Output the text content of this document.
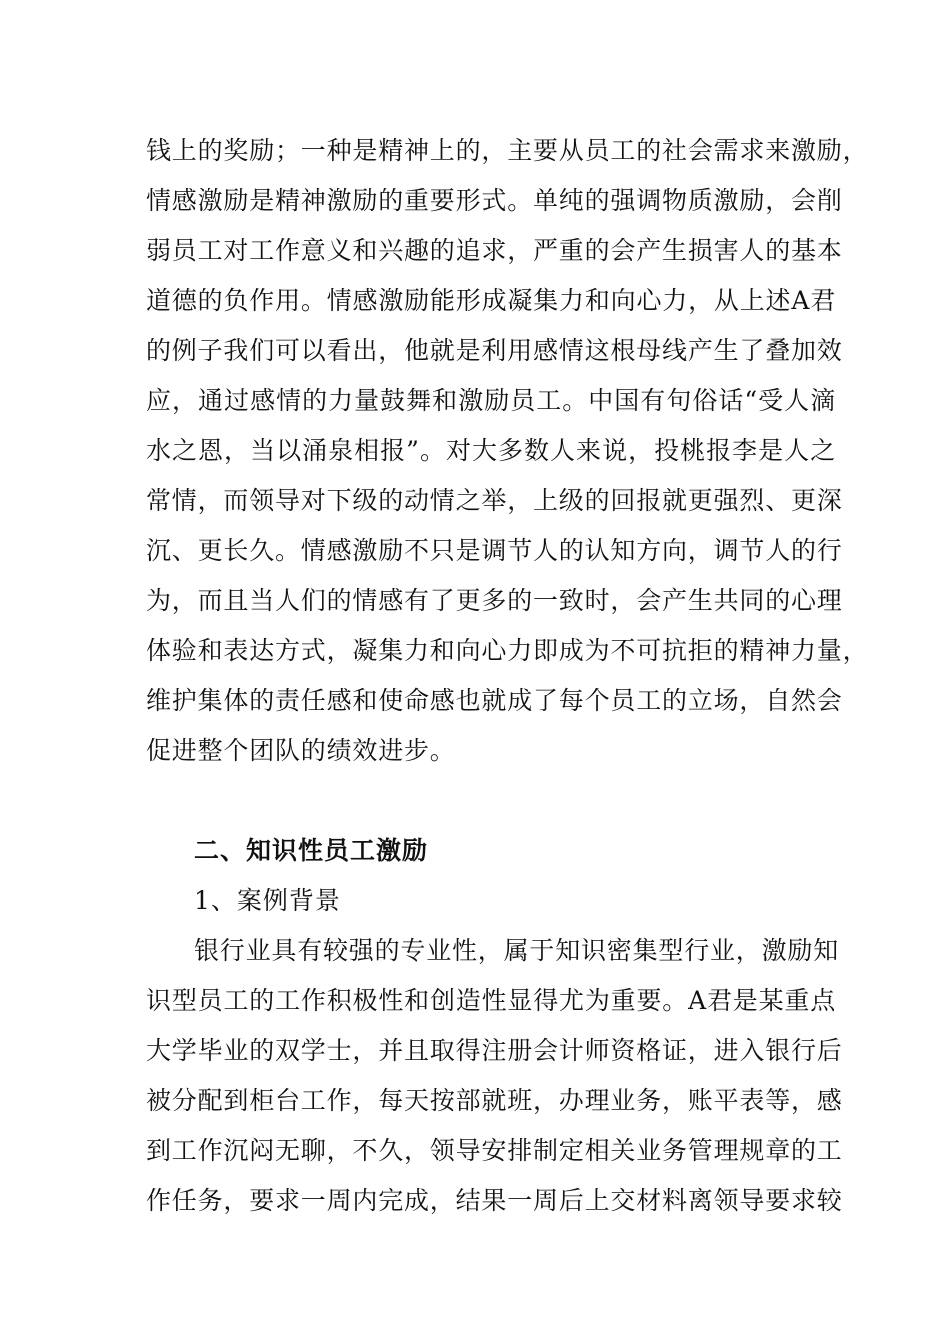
钱上的奖励；一种是精神上的，主要从员工的社会需求来激励，
情感激励是精神激励的重要形式。单纯的强调物质激励，会削
弱员工对工作意义和兴趣的追求，严重的会产生损害人的基本
道德的负作用。情感激励能形成凝集力和向心力，从上述A君
的例子我们可以看出，他就是利用感情这根母线产生了叠加效
应，通过感情的力量鼓舞和激励员工。中国有句俗话“受人滴
水之恩，当以涌泉相报”。对大多数人来说，投桃报李是人之
常情，而领导对下级的动情之举，上级的回报就更强烈、更深
沉、更长久。情感激励不只是调节人的认知方向，调节人的行
为，而且当人们的情感有了更多的一致时，会产生共同的心理
体验和表达方式，凝集力和向心力即成为不可抗拒的精神力量，
维护集体的责任感和使命感也就成了每个员工的立场，自然会
促进整个团队的绩效进步。
二、知识性员工激励
1、案例背景
银行业具有较强的专业性，属于知识密集型行业，激励知
识型员工的工作积极性和创造性显得尤为重要。A君是某重点
大学毕业的双学士，并且取得注册会计师资格证，进入银行后
被分配到柜台工作，每天按部就班，办理业务，账平表等，感
到工作沉闷无聊，不久，领导安排制定相关业务管理规章的工
作任务，要求一周内完成，结果一周后上交材料离领导要求较
